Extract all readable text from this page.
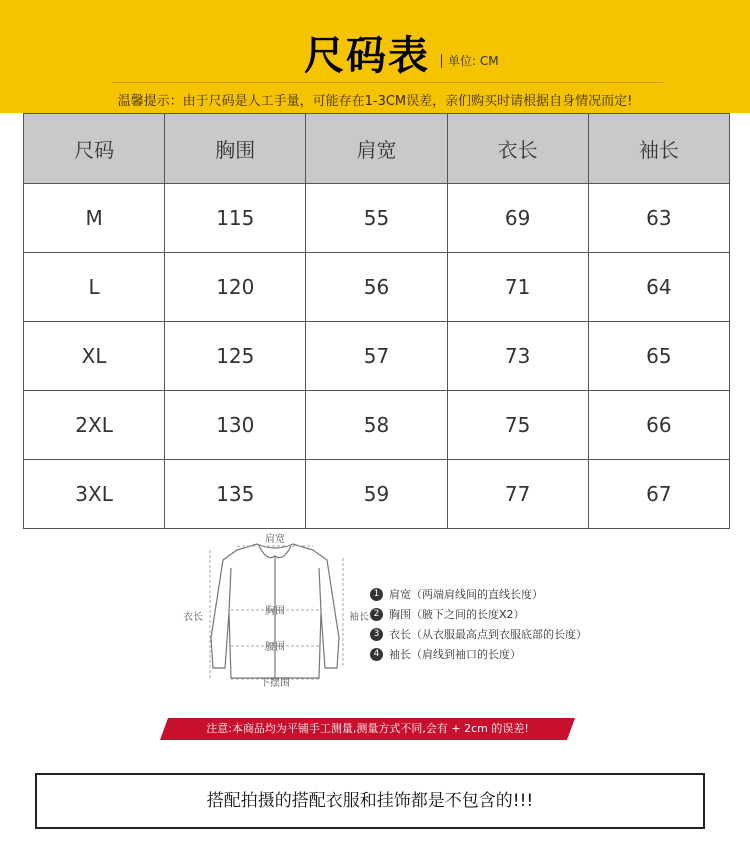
尺码表	单位: CM
温馨提示：由于尺码是人工手量，可能存在1-3CM误差，亲们购买时请根据自身情况而定!
尺码	胸围	肩宽	衣长	袖长
M	115	55	69	63
L	120	56	71	64
XL	125	57	73	65
2XL	130	58	75	66
3XL	135	59	77	67
肩宽
胸围
腰围
下摆围
衣长	袖长
1 肩宽（两端肩线间的直线长度）
2 胸围（腋下之间的长度X2）
3 衣长（从衣服最高点到衣服底部的长度）
4 袖长（肩线到袖口的长度）
注意:本商品均为平铺手工测量,测量方式不同,会有 + 2cm 的误差!
搭配拍摄的搭配衣服和挂饰都是不包含的!!!
